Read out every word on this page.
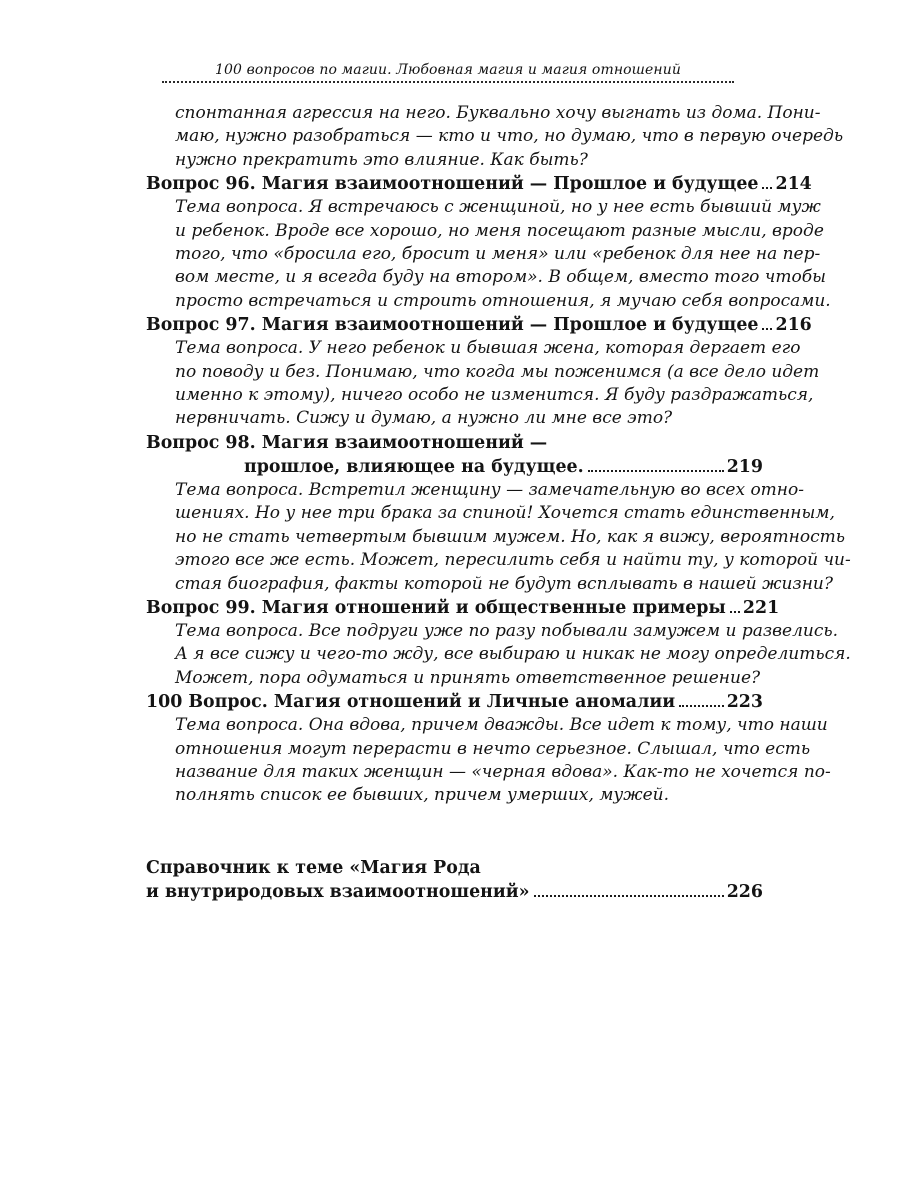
100 вопросов по магии. Любовная магия и магия отношений
спонтанная агрессия на него. Буквально хочу выгнать из дома. Пони-
маю, нужно разобраться — кто и что, но думаю, что в первую очередь
нужно прекратить это влияние. Как быть?
Вопрос 96. Магия взаимоотношений — Прошлое и будущее 214
Тема вопроса. Я встречаюсь с женщиной, но у нее есть бывший муж
и ребенок. Вроде все хорошо, но меня посещают разные мысли, вроде
того, что «бросила его, бросит и меня» или «ребенок для нее на пер-
вом месте, и я всегда буду на втором». В общем, вместо того чтобы
просто встречаться и строить отношения, я мучаю себя вопросами.
Вопрос 97. Магия взаимоотношений — Прошлое и будущее 216
Тема вопроса. У него ребенок и бывшая жена, которая дергает его
по поводу и без. Понимаю, что когда мы поженимся (а все дело идет
именно к этому), ничего особо не изменится. Я буду раздражаться,
нервничать. Сижу и думаю, а нужно ли мне все это?
Вопрос 98. Магия взаимоотношений —
прошлое, влияющее на будущее.	219
Тема вопроса. Встретил женщину — замечательную во всех отно-
шениях. Но у нее три брака за спиной! Хочется стать единственным,
но не стать четвертым бывшим мужем. Но, как я вижу, вероятность
этого все же есть. Может, пересилить себя и найти ту, у которой чи-
стая биография, факты которой не будут всплывать в нашей жизни?
Вопрос 99. Магия отношений и общественные примеры 221
Тема вопроса. Все подруги уже по разу побывали замужем и развелись.
А я все сижу и чего-то жду, все выбираю и никак не могу определиться.
Может, пора одуматься и принять ответственное решение?
100 Вопрос. Магия отношений и Личные аномалии	223
Тема вопроса. Она вдова, причем дважды. Все идет к тому, что наши
отношения могут перерасти в нечто серьезное. Слышал, что есть
название для таких женщин — «черная вдова». Как-то не хочется по-
полнять список ее бывших, причем умерших, мужей.
Справочник к теме «Магия Рода
и внутриродовых взаимоотношений»	226
